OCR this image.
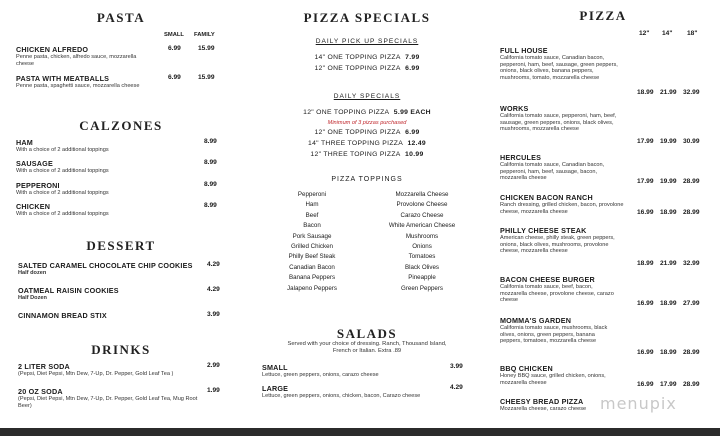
PASTA
SMALL FAMILY
CHICKEN ALFREDO
Penne pasta, chicken, alfredo sauce, mozzarella cheese
6.99	15.99
PASTA WITH MEATBALLS
Penne pasta, spaghetti sauce, mozzarella cheese
6.99	15.99
CALZONES
HAM
With a choice of 2 additional toppings
8.99
SAUSAGE
With a choice of 2 additional toppings
8.99
PEPPERONI
With a choice of 2 additional toppings
8.99
CHICKEN
With a choice of 2 additional toppings
8.99
DESSERT
SALTED CARAMEL CHOCOLATE CHIP COOKIES
Half dozen
4.29
OATMEAL RAISIN COOKIES
Half Dozen
4.29
CINNAMON BREAD STIX	3.99
DRINKS
2 LITER SODA
(Pepsi, Diet Pepsi, Mtn Dew, 7-Up, Dr. Pepper, Gold Leaf Tea )
2.99
20 OZ SODA
(Pepsi, Diet Pepsi, Mtn Dew, 7-Up, Dr. Pepper, Gold Leaf Tea, Mug Root Beer)
1.99
PIZZA SPECIALS
DAILY PICK UP SPECIALS
14" ONE TOPPING PIZZA 7.99
12" ONE TOPPING PIZZA 6.99
DAILY SPECIALS
12" ONE TOPPING PIZZA 5.99 EACH
Minimum of 3 pizzas purchased
12" ONE TOPPING PIZZA 6.99
14" THREE TOPPING PIZZA 12.49
12" THREE TOPING PIZZA 10.99
PIZZA TOPPINGS
Pepperoni
Ham
Beef
Bacon
Pork Sausage
Grilled Chicken
Philly Beef Steak
Canadian Bacon
Banana Peppers
Jalapeno Peppers
Mozzarella Cheese
Provolone Cheese
Carazo Cheese
White American Cheese
Mushrooms
Onions
Tomatoes
Black Olives
Pineapple
Green Peppers
SALADS
Served with your choice of dressing. Ranch, Thousand Island, French or Italian. Extra .89
SMALL
Lettuce, green peppers, onions, carazo cheese
3.99
LARGE
Lettuce, green peppers, onions, chicken, bacon, Carazo cheese
4.29
PIZZA
12" 14" 18"
FULL HOUSE
California tomato sauce, Canadian bacon, pepperoni, ham, beef, sausage, green peppers, onions, black olives, banana peppers, mushrooms, tomato, mozzarella cheese
18.99 21.99 32.99
WORKS
California tomato sauce, pepperoni, ham, beef, sausage, green peppers, onions, black olives, mushrooms, mozzarella cheese
17.99 19.99 30.99
HERCULES
California tomato sauce, Canadian bacon, pepperoni, ham, beef, sausage, bacon, mozzarella cheese	17.99 19.99 28.99
CHICKEN BACON RANCH
Ranch dressing, grilled chicken, bacon, provolone cheese, mozzarella cheese	16.99 18.99 28.99
PHILLY CHEESE STEAK
American cheese, philly steak, green peppers, onions, black olives, mushrooms, provolone cheese, mozzarella cheese
18.99 21.99 32.99
BACON CHEESE BURGER
California tomato sauce, beef, bacon, mozzarella cheese, provolone cheese, carazo cheese	16.99 18.99 27.99
MOMMA'S GARDEN
California tomato sauce, mushrooms, black olives, onions, green peppers, banana peppers, tomatoes, mozzarella cheese
16.99 18.99 28.99
BBQ CHICKEN
Honey BBQ sauce, grilled chicken, onions, mozzarella cheese	16.99 17.99 28.99
CHEESY BREAD PIZZA
Mozzarella cheese, carazo cheese menupix
